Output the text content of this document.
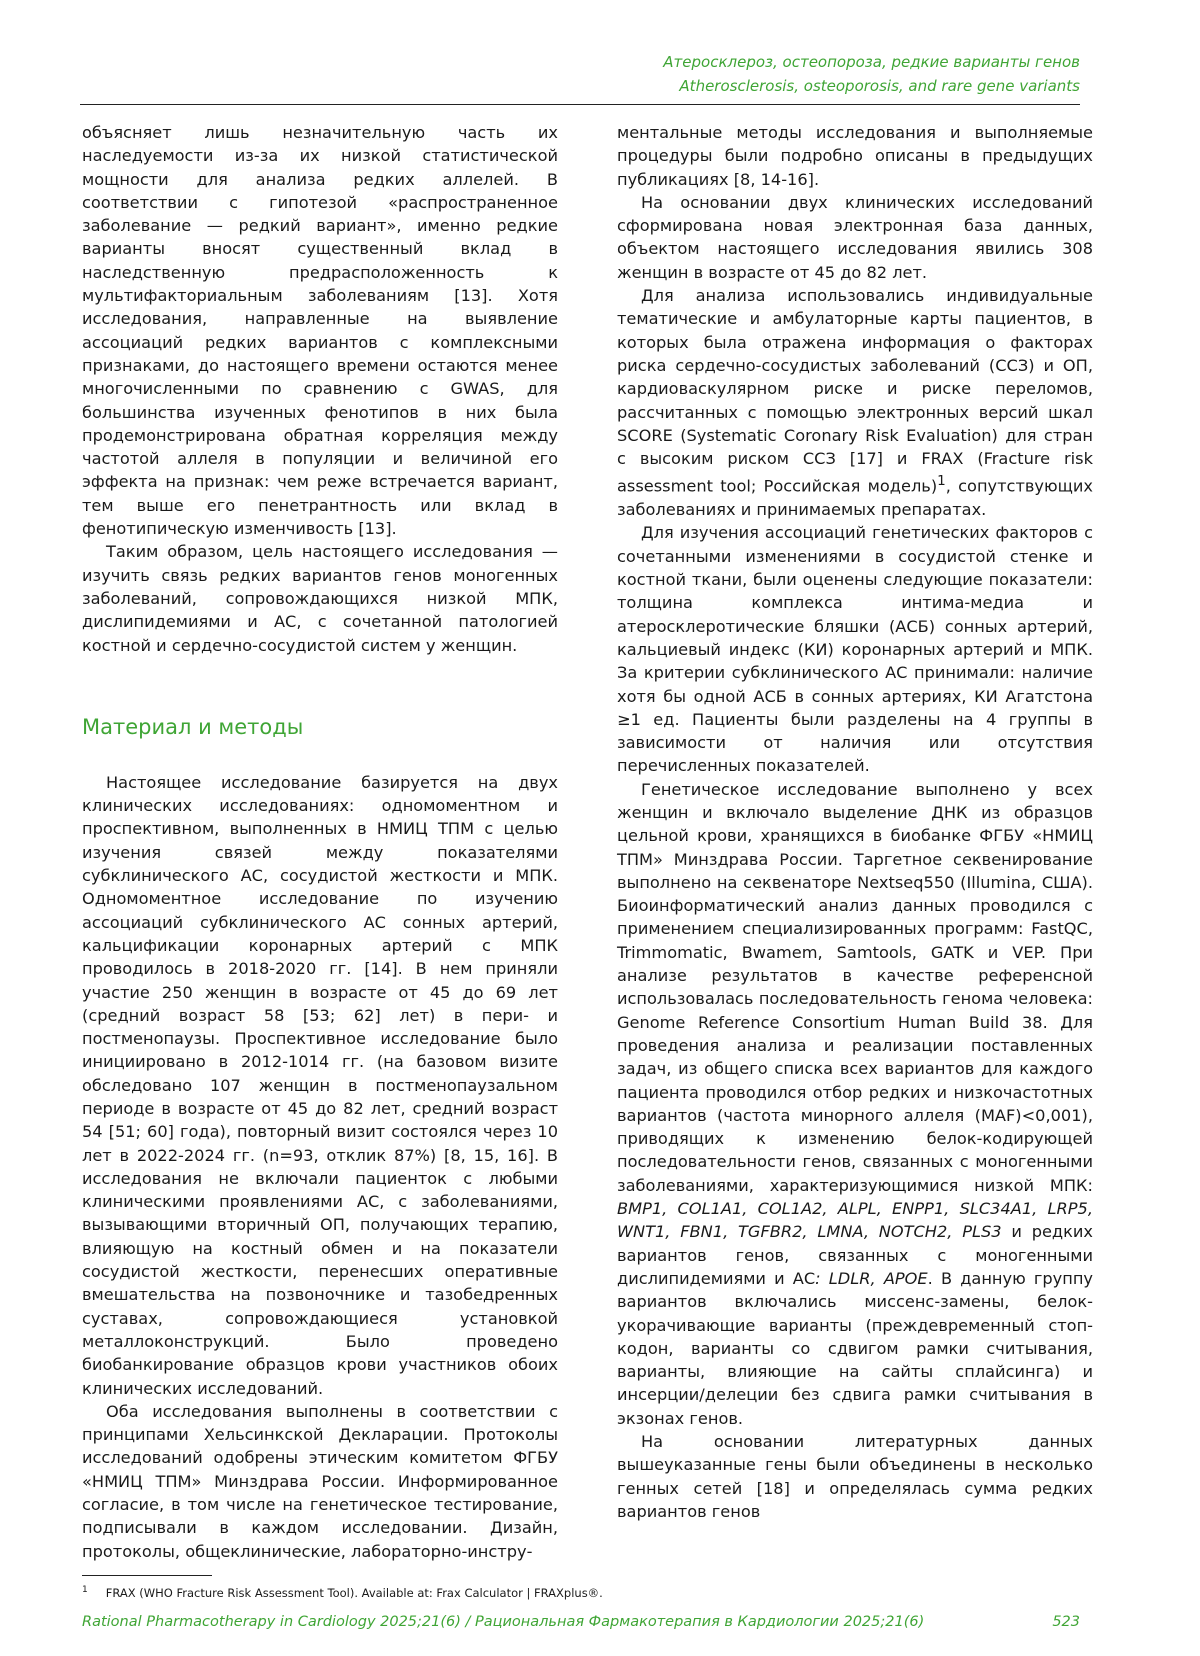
Атеросклероз, остеопороза, редкие варианты генов
Atherosclerosis, osteoporosis, and rare gene variants

объясняет лишь незначительную часть их наследуемости из-за их низкой статистической мощности для анализа редких аллелей. В соответствии с гипотезой «распространенное заболевание — редкий вариант», именно редкие варианты вносят существенный вклад в наследственную предрасположенность к мультифакториальным заболеваниям [13]. Хотя исследования, направленные на выявление ассоциаций редких вариантов с комплексными признаками, до настоящего времени остаются менее многочисленными по сравнению с GWAS, для большинства изученных фенотипов в них была продемонстрирована обратная корреляция между частотой аллеля в популяции и величиной его эффекта на признак: чем реже встречается вариант, тем выше его пенетрантность или вклад в фенотипическую изменчивость [13].

Таким образом, цель настоящего исследования — изучить связь редких вариантов генов моногенных заболеваний, сопровождающихся низкой МПК, дислипидемиями и АС, с сочетанной патологией костной и сердечно-сосудистой систем у женщин.

Материал и методы

Настоящее исследование базируется на двух клинических исследованиях: одномоментном и проспективном, выполненных в НМИЦ ТПМ с целью изучения связей между показателями субклинического АС, сосудистой жесткости и МПК. Одномоментное исследование по изучению ассоциаций субклинического АС сонных артерий, кальцификации коронарных артерий с МПК проводилось в 2018-2020 гг. [14]. В нем приняли участие 250 женщин в возрасте от 45 до 69 лет (средний возраст 58 [53; 62] лет) в пери- и постменопаузы. Проспективное исследование было инициировано в 2012-1014 гг. (на базовом визите обследовано 107 женщин в постменопаузальном периоде в возрасте от 45 до 82 лет, средний возраст 54 [51; 60] года), повторный визит состоялся через 10 лет в 2022-2024 гг. (n=93, отклик 87%) [8, 15, 16]. В исследования не включали пациенток с любыми клиническими проявлениями АС, с заболеваниями, вызывающими вторичный ОП, получающих терапию, влияющую на костный обмен и на показатели сосудистой жесткости, перенесших оперативные вмешательства на позвоночнике и тазобедренных суставах, сопровождающиеся установкой металлоконструкций. Было проведено биобанкирование образцов крови участников обоих клинических исследований.

Оба исследования выполнены в соответствии с принципами Хельсинкской Декларации. Протоколы исследований одобрены этическим комитетом ФГБУ «НМИЦ ТПМ» Минздрава России. Информированное согласие, в том числе на генетическое тестирование, подписывали в каждом исследовании. Дизайн, протоколы, общеклинические, лабораторно-инстру-

ментальные методы исследования и выполняемые процедуры были подробно описаны в предыдущих публикациях [8, 14-16].

На основании двух клинических исследований сформирована новая электронная база данных, объектом настоящего исследования явились 308 женщин в возрасте от 45 до 82 лет.

Для анализа использовались индивидуальные тематические и амбулаторные карты пациентов, в которых была отражена информация о факторах риска сердечно-сосудистых заболеваний (ССЗ) и ОП, кардиоваскулярном риске и риске переломов, рассчитанных с помощью электронных версий шкал SCORE (Systematic Coronary Risk Evaluation) для стран с высоким риском ССЗ [17] и FRAX (Fracture risk assessment tool; Российская модель)$^1$, сопутствующих заболеваниях и принимаемых препаратах.

Для изучения ассоциаций генетических факторов с сочетанными изменениями в сосудистой стенке и костной ткани, были оценены следующие показатели: толщина комплекса интима-медиа и атеросклеротические бляшки (АСБ) сонных артерий, кальциевый индекс (КИ) коронарных артерий и МПК. За критерии субклинического АС принимали: наличие хотя бы одной АСБ в сонных артериях, КИ Агатстона ≥1 ед. Пациенты были разделены на 4 группы в зависимости от наличия или отсутствия перечисленных показателей.

Генетическое исследование выполнено у всех женщин и включало выделение ДНК из образцов цельной крови, хранящихся в биобанке ФГБУ «НМИЦ ТПМ» Минздрава России. Таргетное секвенирование выполнено на секвенаторе Nextseq550 (Illumina, США). Биоинформатический анализ данных проводился с применением специализированных программ: FastQC, Trimmomatic, Bwamem, Samtools, GATK и VEP. При анализе результатов в качестве референсной использовалась последовательность генома человека: Genome Reference Consortium Human Build 38. Для проведения анализа и реализации поставленных задач, из общего списка всех вариантов для каждого пациента проводился отбор редких и низкочастотных вариантов (частота минорного аллеля (MAF)<0,001), приводящих к изменению белок-кодирующей последовательности генов, связанных с моногенными заболеваниями, характеризующимися низкой МПК: BMP1, COL1A1, COL1A2, ALPL, ENPP1, SLC34A1, LRP5, WNT1, FBN1, TGFBR2, LMNA, NOTCH2, PLS3 и редких вариантов генов, связанных с моногенными дислипидемиями и АС: LDLR, APOE. В данную группу вариантов включались миссенс-замены, белок-укорачивающие варианты (преждевременный стоп-кодон, варианты со сдвигом рамки считывания, варианты, влияющие на сайты сплайсинга) и инсерции/делеции без сдвига рамки считывания в экзонах генов.

На основании литературных данных вышеуказанные гены были объединены в несколько генных сетей [18] и определялась сумма редких вариантов генов

$^1$ FRAX (WHO Fracture Risk Assessment Tool). Available at: Frax Calculator | FRAXplus®.
Rational Pharmacotherapy in Cardiology 2025;21(6) / Рациональная Фармакотерапия в Кардиологии 2025;21(6)	523
